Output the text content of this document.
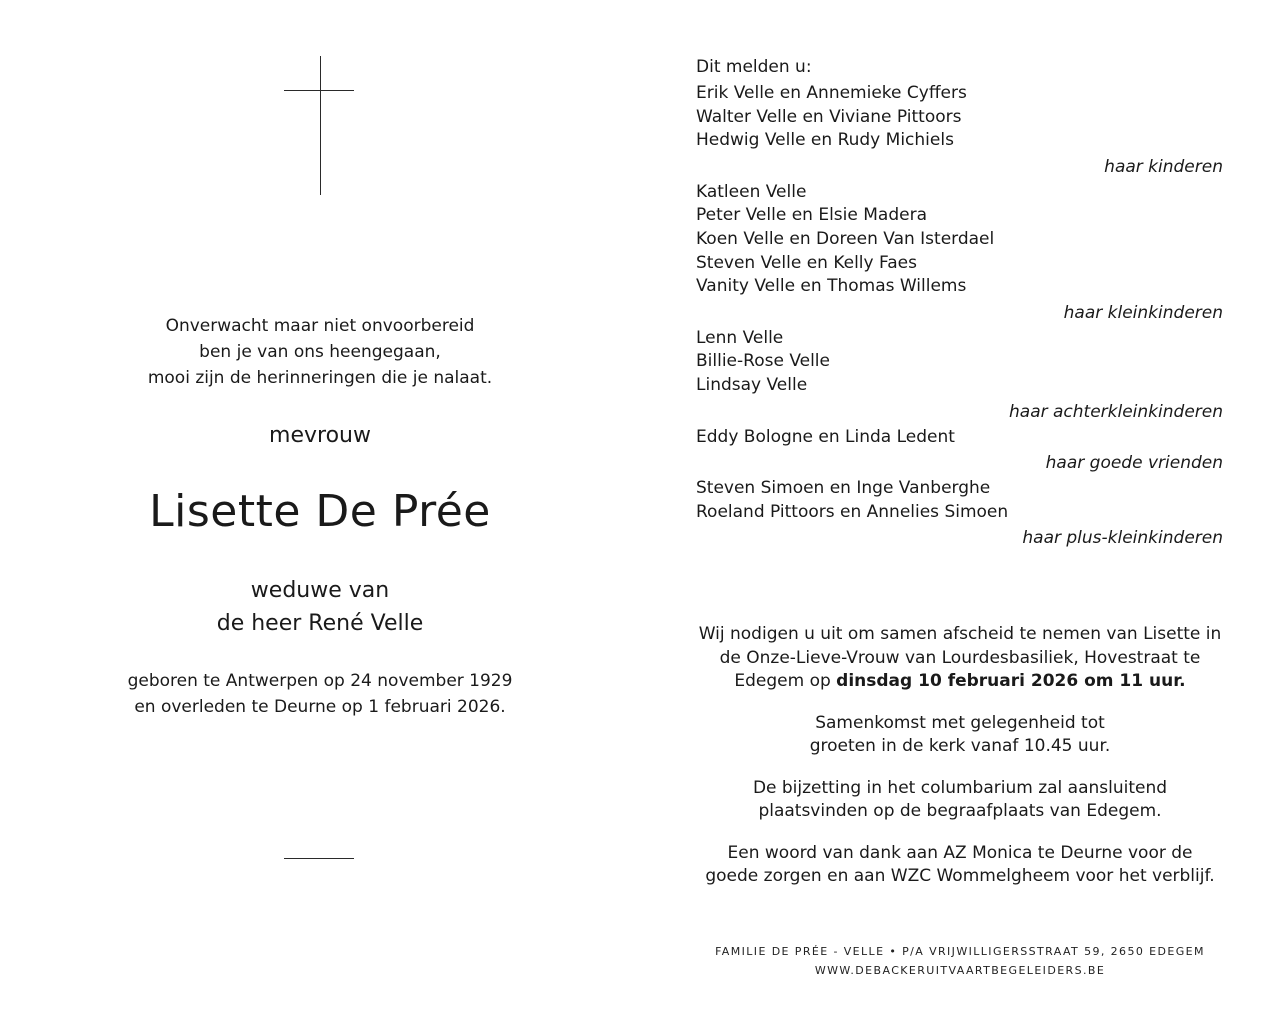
Onverwacht maar niet onvoorbereid
ben je van ons heengegaan,
mooi zijn de herinneringen die je nalaat.
mevrouw
Lisette De Prée
weduwe van
de heer René Velle
geboren te Antwerpen op 24 november 1929
en overleden te Deurne op 1 februari 2026.
Dit melden u:
Erik Velle en Annemieke Cyffers
Walter Velle en Viviane Pittoors
Hedwig Velle en Rudy Michiels
haar kinderen
Katleen Velle
Peter Velle en Elsie Madera
Koen Velle en Doreen Van Isterdael
Steven Velle en Kelly Faes
Vanity Velle en Thomas Willems
haar kleinkinderen
Lenn Velle
Billie-Rose Velle
Lindsay Velle
haar achterkleinkinderen
Eddy Bologne en Linda Ledent
haar goede vrienden
Steven Simoen en Inge Vanberghe
Roeland Pittoors en Annelies Simoen
haar plus-kleinkinderen

Wij nodigen u uit om samen afscheid te nemen van Lisette in
de Onze-Lieve-Vrouw van Lourdesbasiliek, Hovestraat te
Edegem op dinsdag 10 februari 2026 om 11 uur.

Samenkomst met gelegenheid tot
groeten in de kerk vanaf 10.45 uur.

De bijzetting in het columbarium zal aansluitend
plaatsvinden op de begraafplaats van Edegem.

Een woord van dank aan AZ Monica te Deurne voor de
goede zorgen en aan WZC Wommelgheem voor het verblijf.

FAMILIE DE PRÉE - VELLE • P/A VRIJWILLIGERSSTRAAT 59, 2650 EDEGEM
WWW.DEBACKERUITVAARTBEGELEIDERS.BE
